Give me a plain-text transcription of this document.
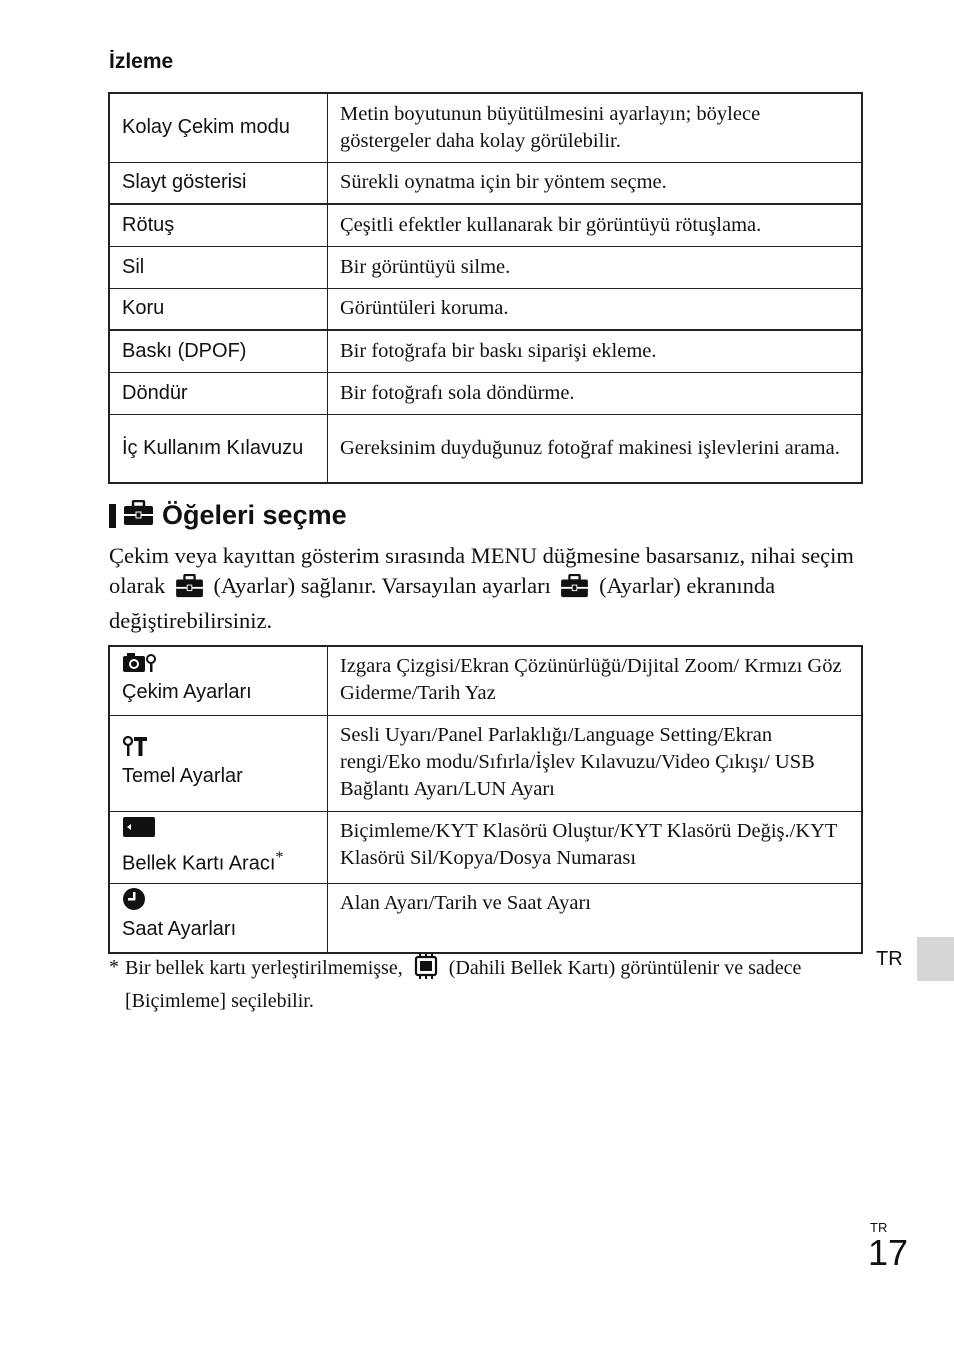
İzleme
Kolay Çekim modu	Metin boyutunun büyütülmesini ayarlayın; böylece göstergeler daha kolay görülebilir.
Slayt gösterisi	Sürekli oynatma için bir yöntem seçme.
Rötuş	Çeşitli efektler kullanarak bir görüntüyü rötuşlama.
Sil	Bir görüntüyü silme.
Koru	Görüntüleri koruma.
Baskı (DPOF)	Bir fotoğrafa bir baskı siparişi ekleme.
Döndür	Bir fotoğrafı sola döndürme.
İç Kullanım Kılavuzu	Gereksinim duyduğunuz fotoğraf makinesi işlevlerini arama.
Öğeleri seçme
Çekim veya kayıttan gösterim sırasında MENU düğmesine basarsanız, nihai seçim olarak (Ayarlar) sağlanır. Varsayılan ayarları (Ayarlar) ekranında değiştirebilirsiniz.
Çekim Ayarları	Izgara Çizgisi/Ekran Çözünürlüğü/Dijital Zoom/ Krmızı Göz Giderme/Tarih Yaz

Temel Ayarlar	Sesli Uyarı/Panel Parlaklığı/Language Setting/Ekran rengi/Eko modu/Sıfırla/İşlev Kılavuzu/Video Çıkışı/ USB Bağlantı Ayarı/LUN Ayarı

Bellek Kartı Aracı*	Biçimleme/KYT Klasörü Oluştur/KYT Klasörü Değiş./KYT Klasörü Sil/Kopya/Dosya Numarası

Saat Ayarları	Alan Ayarı/Tarih ve Saat Ayarı
* Bir bellek kartı yerleştirilmemişse, (Dahili Bellek Kartı) görüntülenir ve sadece [Biçimleme] seçilebilir.
TR
TR
17
